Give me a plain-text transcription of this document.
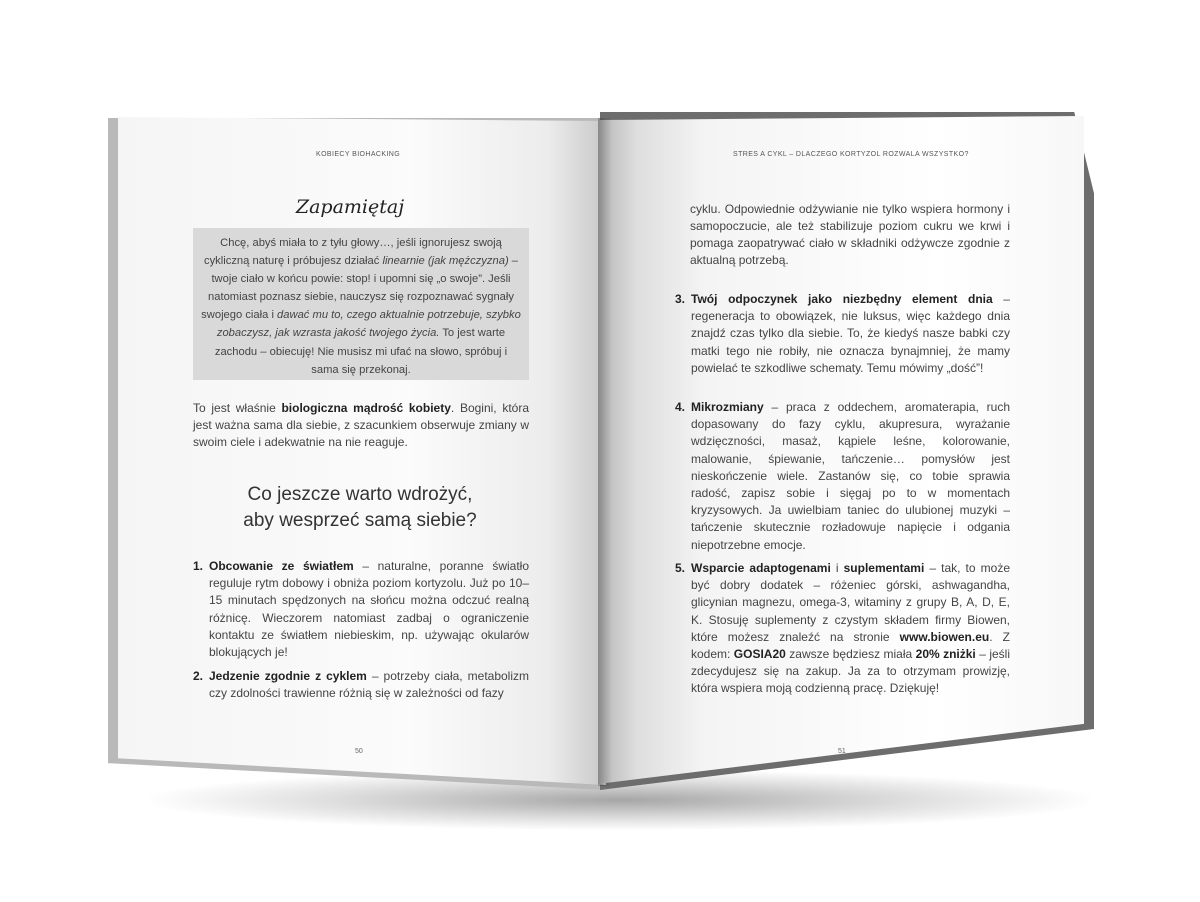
KOBIECY BIOHACKING
Zapamiętaj
Chcę, abyś miała to z tyłu głowy…, jeśli ignorujesz swoją cykliczną naturę i próbujesz działać linearnie (jak mężczyzna) – twoje ciało w końcu powie: stop! i upomni się „o swoje”. Jeśli natomiast poznasz siebie, nauczysz się rozpoznawać sygnały swojego ciała i dawać mu to, czego aktualnie potrzebuje, szybko zobaczysz, jak wzrasta jakość twojego życia. To jest warte zachodu – obiecuję! Nie musisz mi ufać na słowo, spróbuj i sama się przekonaj.
To jest właśnie biologiczna mądrość kobiety. Bogini, która jest ważna sama dla siebie, z szacunkiem obserwuje zmiany w swoim ciele i adekwatnie na nie reaguje.
Co jeszcze warto wdrożyć,
aby wesprzeć samą siebie?
1. Obcowanie ze światłem – naturalne, poranne światło reguluje rytm dobowy i obniża poziom kortyzolu. Już po 10–15 minutach spędzonych na słońcu można odczuć realną różnicę. Wieczorem natomiast zadbaj o ograniczenie kontaktu ze światłem niebieskim, np. używając okularów blokujących je!
2. Jedzenie zgodnie z cyklem – potrzeby ciała, metabolizm czy zdolności trawienne różnią się w zależności od fazy
50
STRES A CYKL – DLACZEGO KORTYZOL ROZWALA WSZYSTKO?
cyklu. Odpowiednie odżywianie nie tylko wspiera hormony i samopoczucie, ale też stabilizuje poziom cukru we krwi i pomaga zaopatrywać ciało w składniki odżywcze zgodnie z aktualną potrzebą.
3. Twój odpoczynek jako niezbędny element dnia – regeneracja to obowiązek, nie luksus, więc każdego dnia znajdź czas tylko dla siebie. To, że kiedyś nasze babki czy matki tego nie robiły, nie oznacza bynajmniej, że mamy powielać te szkodliwe schematy. Temu mówimy „dość”!
4. Mikrozmiany – praca z oddechem, aromaterapia, ruch dopasowany do fazy cyklu, akupresura, wyrażanie wdzięczności, masaż, kąpiele leśne, kolorowanie, malowanie, śpiewanie, tańczenie… pomysłów jest nieskończenie wiele. Zastanów się, co tobie sprawia radość, zapisz sobie i sięgaj po to w momentach kryzysowych. Ja uwielbiam taniec do ulubionej muzyki – tańczenie skutecznie rozładowuje napięcie i odgania niepotrzebne emocje.
5. Wsparcie adaptogenami i suplementami – tak, to może być dobry dodatek – różeniec górski, ashwagandha, glicynian magnezu, omega-3, witaminy z grupy B, A, D, E, K. Stosuję suplementy z czystym składem firmy Biowen, które możesz znaleźć na stronie www.biowen.eu. Z kodem: GOSIA20 zawsze będziesz miała 20% zniżki – jeśli zdecydujesz się na zakup. Ja za to otrzymam prowizję, która wspiera moją codzienną pracę. Dziękuję!
51
